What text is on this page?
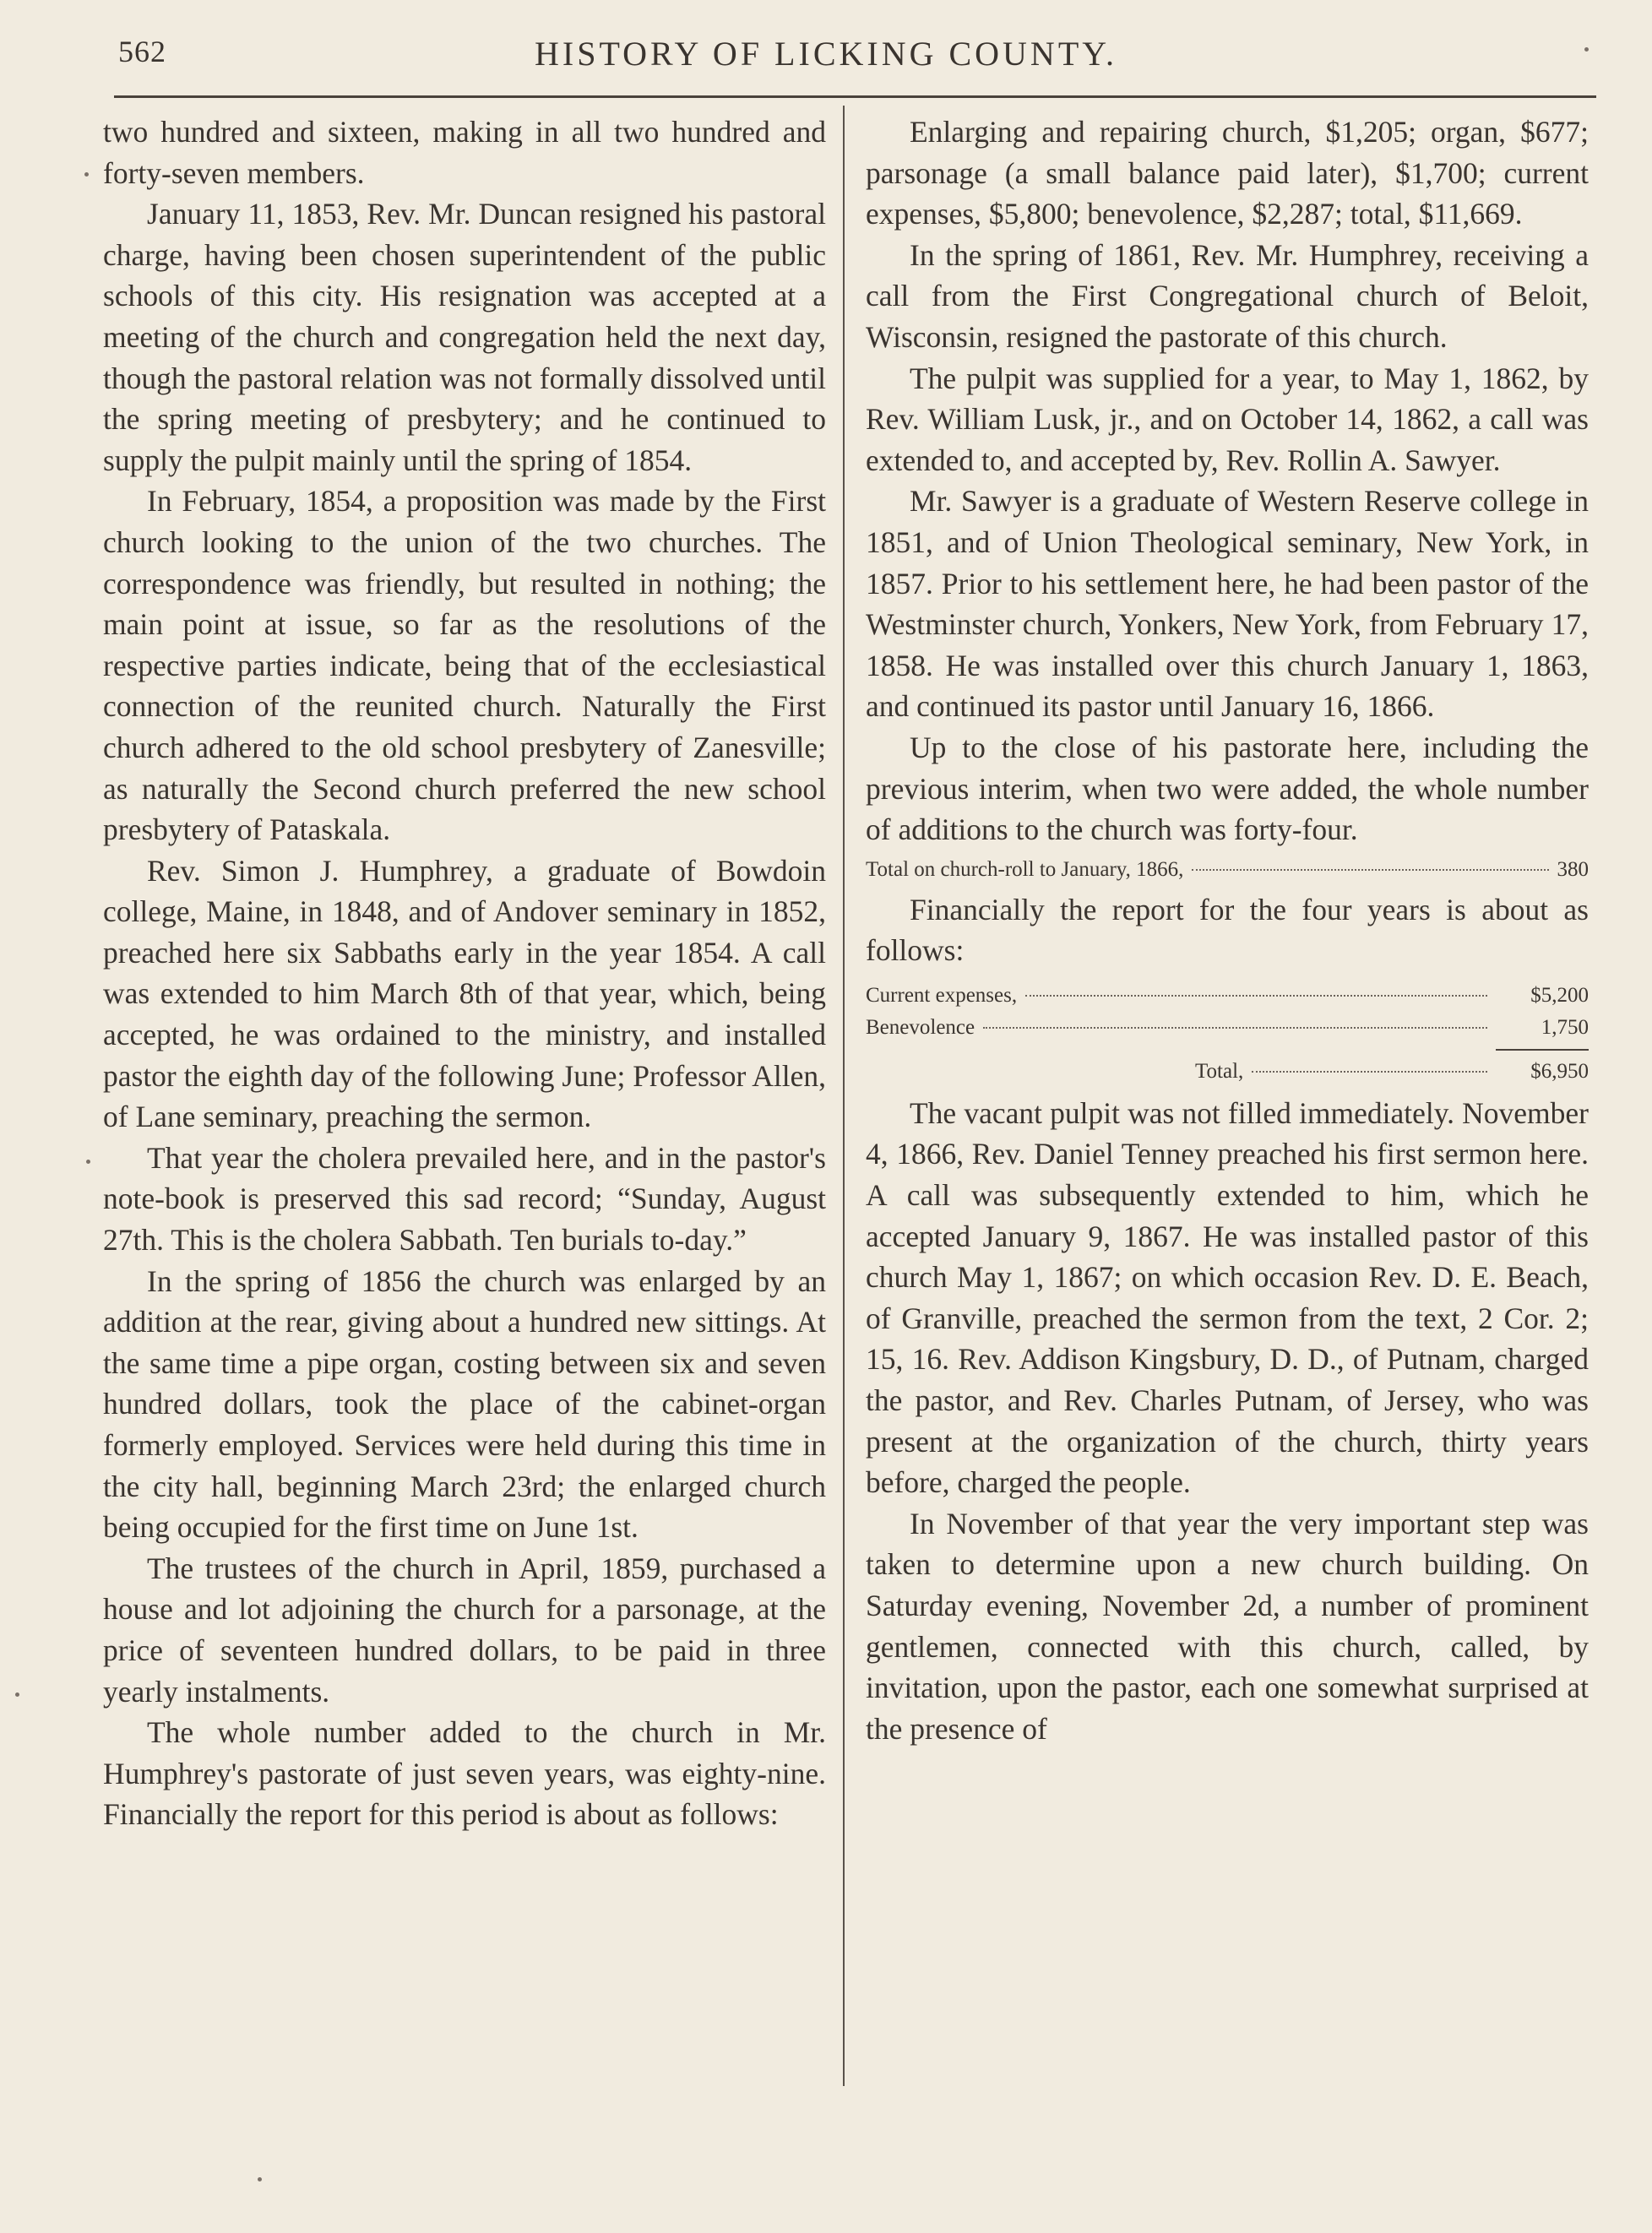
562	HISTORY OF LICKING COUNTY.

two hundred and sixteen, making in all two hundred and forty-seven members.

January 11, 1853, Rev. Mr. Duncan resigned his pastoral charge, having been chosen superintendent of the public schools of this city. His resignation was accepted at a meeting of the church and congregation held the next day, though the pastoral relation was not formally dissolved until the spring meeting of presbytery; and he continued to supply the pulpit mainly until the spring of 1854.

In February, 1854, a proposition was made by the First church looking to the union of the two churches. The correspondence was friendly, but resulted in nothing; the main point at issue, so far as the resolutions of the respective parties indicate, being that of the ecclesiastical connection of the reunited church. Naturally the First church adhered to the old school presbytery of Zanesville; as naturally the Second church preferred the new school presbytery of Pataskala.

Rev. Simon J. Humphrey, a graduate of Bowdoin college, Maine, in 1848, and of Andover seminary in 1852, preached here six Sabbaths early in the year 1854. A call was extended to him March 8th of that year, which, being accepted, he was ordained to the ministry, and installed pastor the eighth day of the following June; Professor Allen, of Lane seminary, preaching the sermon.

That year the cholera prevailed here, and in the pastor's note-book is preserved this sad record; “Sunday, August 27th. This is the cholera Sabbath. Ten burials to-day.”

In the spring of 1856 the church was enlarged by an addition at the rear, giving about a hundred new sittings. At the same time a pipe organ, costing between six and seven hundred dollars, took the place of the cabinet-organ formerly employed. Services were held during this time in the city hall, beginning March 23rd; the enlarged church being occupied for the first time on June 1st.

The trustees of the church in April, 1859, purchased a house and lot adjoining the church for a parsonage, at the price of seventeen hundred dollars, to be paid in three yearly instalments.

The whole number added to the church in Mr. Humphrey's pastorate of just seven years, was eighty-nine. Financially the report for this period is about as follows:

Enlarging and repairing church, $1,205; organ, $677; parsonage (a small balance paid later), $1,700; current expenses, $5,800; benevolence, $2,287; total, $11,669.

In the spring of 1861, Rev. Mr. Humphrey, receiving a call from the First Congregational church of Beloit, Wisconsin, resigned the pastorate of this church.

The pulpit was supplied for a year, to May 1, 1862, by Rev. William Lusk, jr., and on October 14, 1862, a call was extended to, and accepted by, Rev. Rollin A. Sawyer.

Mr. Sawyer is a graduate of Western Reserve college in 1851, and of Union Theological seminary, New York, in 1857. Prior to his settlement here, he had been pastor of the Westminster church, Yonkers, New York, from February 17, 1858. He was installed over this church January 1, 1863, and continued its pastor until January 16, 1866.

Up to the close of his pastorate here, including the previous interim, when two were added, the whole number of additions to the church was forty-four.

Total on church-roll to January, 1866,	380

Financially the report for the four years is about as follows:

Current expenses,	$5,200
Benevolence	1,750
Total,	$6,950

The vacant pulpit was not filled immediately. November 4, 1866, Rev. Daniel Tenney preached his first sermon here. A call was subsequently extended to him, which he accepted January 9, 1867. He was installed pastor of this church May 1, 1867; on which occasion Rev. D. E. Beach, of Granville, preached the sermon from the text, 2 Cor. 2; 15, 16. Rev. Addison Kingsbury, D. D., of Putnam, charged the pastor, and Rev. Charles Putnam, of Jersey, who was present at the organization of the church, thirty years before, charged the people.

In November of that year the very important step was taken to determine upon a new church building. On Saturday evening, November 2d, a number of prominent gentlemen, connected with this church, called, by invitation, upon the pastor, each one somewhat surprised at the presence of
